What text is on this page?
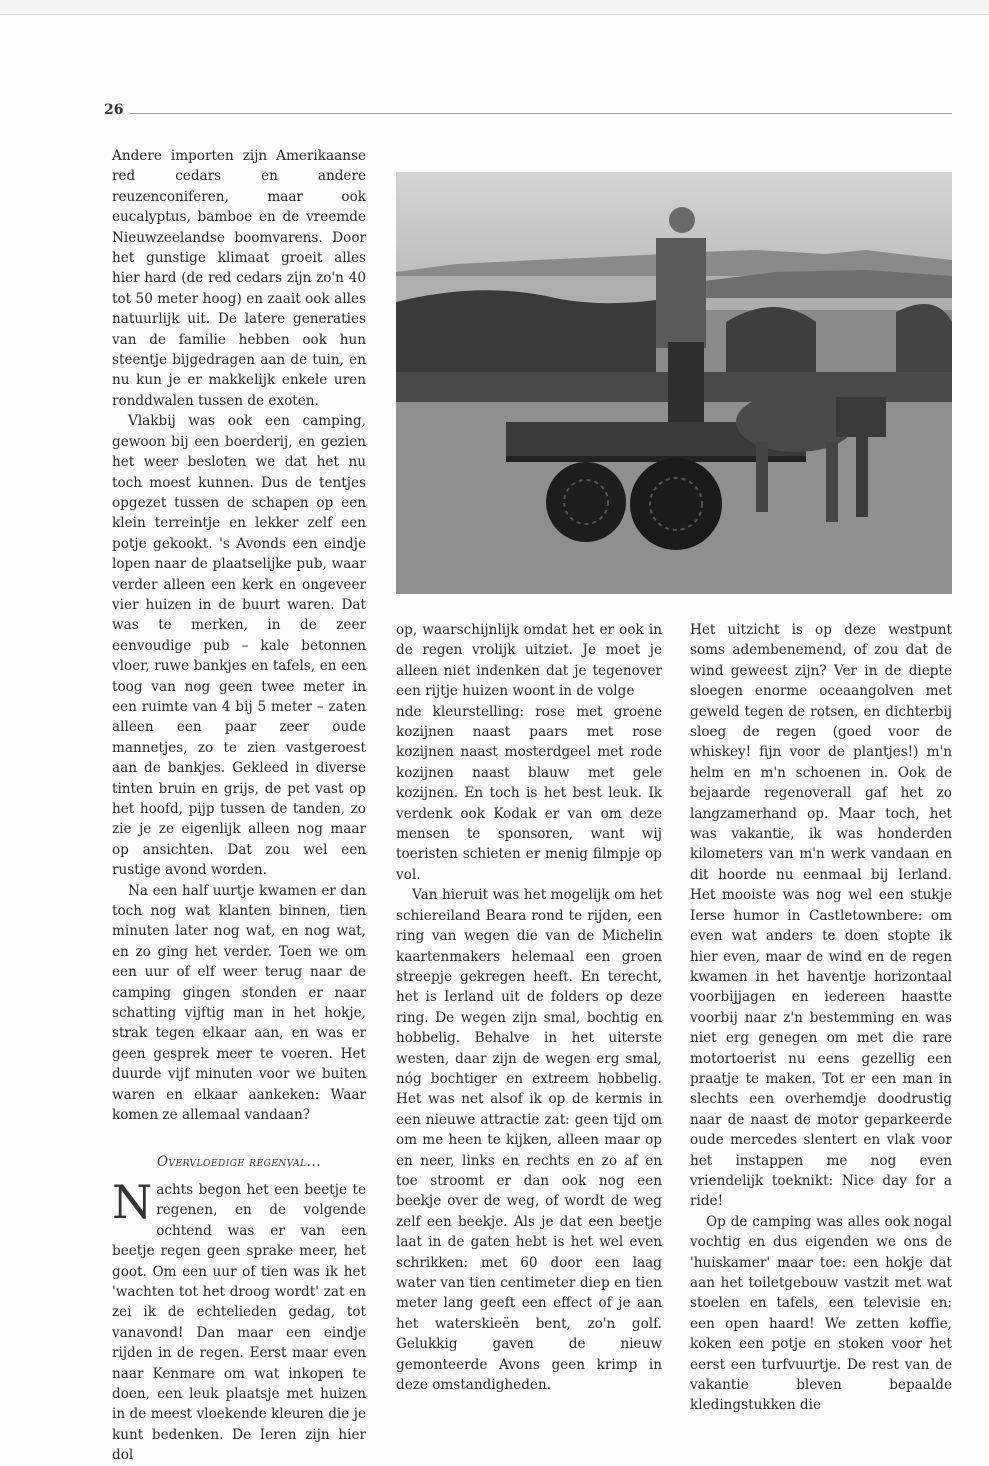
26

Andere importen zijn Amerikaanse red cedars en andere reuzenconiferen, maar ook eucalyptus, bamboe en de vreemde Nieuwzeelandse boomvarens. Door het gunstige klimaat groeit alles hier hard (de red cedars zijn zo'n 40 tot 50 meter hoog) en zaait ook alles natuurlijk uit. De latere generaties van de familie hebben ook hun steentje bijgedragen aan de tuin, en nu kun je er makkelijk enkele uren ronddwalen tussen de exoten.

Vlakbij was ook een camping, gewoon bij een boerderij, en gezien het weer besloten we dat het nu toch moest kunnen. Dus de tentjes opgezet tussen de schapen op een klein terreintje en lekker zelf een potje gekookt. 's Avonds een eindje lopen naar de plaatselijke pub, waar verder alleen een kerk en ongeveer vier huizen in de buurt waren. Dat was te merken, in de zeer eenvoudige pub – kale betonnen vloer, ruwe bankjes en tafels, en een toog van nog geen twee meter in een ruimte van 4 bij 5 meter – zaten alleen een paar zeer oude mannetjes, zo te zien vastgeroest aan de bankjes. Gekleed in diverse tinten bruin en grijs, de pet vast op het hoofd, pijp tussen de tanden, zo zie je ze eigenlijk alleen nog maar op ansichten. Dat zou wel een rustige avond worden.

Na een half uurtje kwamen er dan toch nog wat klanten binnen, tien minuten later nog wat, en nog wat, en zo ging het verder. Toen we om een uur of elf weer terug naar de camping gingen stonden er naar schatting vijftig man in het hokje, strak tegen elkaar aan, en was er geen gesprek meer te voeren. Het duurde vijf minuten voor we buiten waren en elkaar aankeken: Waar komen ze allemaal vandaan?

Overvloedige regenval...

Nachts begon het een beetje te regenen, en de volgende ochtend was er van een beetje regen geen sprake meer, het goot. Om een uur of tien was ik het 'wachten tot het droog wordt' zat en zei ik de echtelieden gedag, tot vanavond! Dan maar een eindje rijden in de regen. Eerst maar even naar Kenmare om wat inkopen te doen, een leuk plaatsje met huizen in de meest vloekende kleuren die je kunt bedenken. De Ieren zijn hier dol

op, waarschijnlijk omdat het er ook in de regen vrolijk uitziet. Je moet je alleen niet indenken dat je tegenover een rijtje huizen woont in de volge

nde kleurstelling: rose met groene kozijnen naast paars met rose kozijnen naast mosterdgeel met rode kozijnen naast blauw met gele kozijnen. En toch is het best leuk. Ik verdenk ook Kodak er van om deze mensen te sponsoren, want wij toeristen schieten er menig filmpje op vol.

Van hieruit was het mogelijk om het schiereiland Beara rond te rijden, een ring van wegen die van de Michelin kaartenmakers helemaal een groen streepje gekregen heeft. En terecht, het is Ierland uit de folders op deze ring. De wegen zijn smal, bochtig en hobbelig. Behalve in het uiterste westen, daar zijn de wegen erg smal, nóg bochtiger en extreem hobbelig. Het was net alsof ik op de kermis in een nieuwe attractie zat: geen tijd om om me heen te kijken, alleen maar op en neer, links en rechts en zo af en toe stroomt er dan ook nog een beekje over de weg, of wordt de weg zelf een beekje. Als je dat een beetje laat in de gaten hebt is het wel even schrikken: met 60 door een laag water van tien centimeter diep en tien meter lang geeft een effect of je aan het waterskieën bent, zo'n golf. Gelukkig gaven de nieuw gemonteerde Avons geen krimp in deze omstandigheden.

Het uitzicht is op deze westpunt soms adembenemend, of zou dat de wind geweest zijn? Ver in de diepte sloegen enorme oceaangolven met geweld tegen de rotsen, en dichterbij sloeg de regen (goed voor de whiskey! fijn voor de plantjes!) m'n helm en m'n schoenen in. Ook de bejaarde regenoverall gaf het zo langzamerhand op. Maar toch, het was vakantie, ik was honderden kilometers van m'n werk vandaan en dit hoorde nu eenmaal bij Ierland. Het mooiste was nog wel een stukje Ierse humor in Castletownbere: om even wat anders te doen stopte ik hier even, maar de wind en de regen kwamen in het haventje horizontaal voorbijjagen en iedereen haastte voorbij naar z'n bestemming en was niet erg genegen om met die rare motortoerist nu eens gezellig een praatje te maken. Tot er een man in slechts een overhemdje doodrustig naar de naast de motor geparkeerde oude mercedes slentert en vlak voor het instappen me nog even vriendelijk toeknikt: Nice day for a ride!

Op de camping was alles ook nogal vochtig en dus eigenden we ons de 'huiskamer' maar toe: een hokje dat aan het toiletgebouw vastzit met wat stoelen en tafels, een televisie en: een open haard! We zetten koffie, koken een potje en stoken voor het eerst een turfvuurtje. De rest van de vakantie bleven bepaalde kledingstukken die
